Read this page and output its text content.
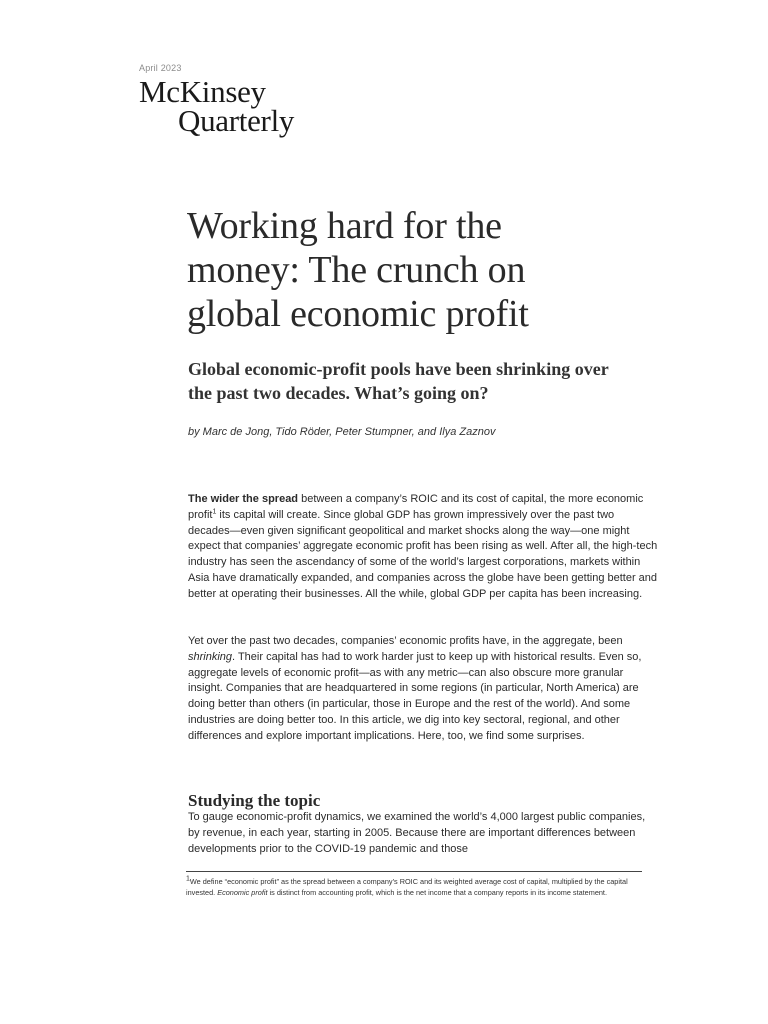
April 2023
McKinsey
Quarterly
Working hard for the money: The crunch on global economic profit
Global economic-profit pools have been shrinking over the past two decades. What’s going on?
by Marc de Jong, Tido Röder, Peter Stumpner, and Ilya Zaznov

The wider the spread between a company’s ROIC and its cost of capital, the more economic profit$^1$ its capital will create. Since global GDP has grown impressively over the past two decades—even given significant geopolitical and market shocks along the way—one might expect that companies’ aggregate economic profit has been rising as well. After all, the high-tech industry has seen the ascendancy of some of the world’s largest corporations, markets within Asia have dramatically expanded, and companies across the globe have been getting better and better at operating their businesses. All the while, global GDP per capita has been increasing.

Yet over the past two decades, companies’ economic profits have, in the aggregate, been shrinking. Their capital has had to work harder just to keep up with historical results. Even so, aggregate levels of economic profit—as with any metric—can also obscure more granular insight. Companies that are headquartered in some regions (in particular, North America) are doing better than others (in particular, those in Europe and the rest of the world). And some industries are doing better too. In this article, we dig into key sectoral, regional, and other differences and explore important implications. Here, too, we find some surprises.

Studying the topic

To gauge economic-profit dynamics, we examined the world’s 4,000 largest public companies, by revenue, in each year, starting in 2005. Because there are important differences between developments prior to the COVID-19 pandemic and those

$^1$We define “economic profit” as the spread between a company’s ROIC and its weighted average cost of capital, multiplied by the capital invested. Economic profit is distinct from accounting profit, which is the net income that a company reports in its income statement.
